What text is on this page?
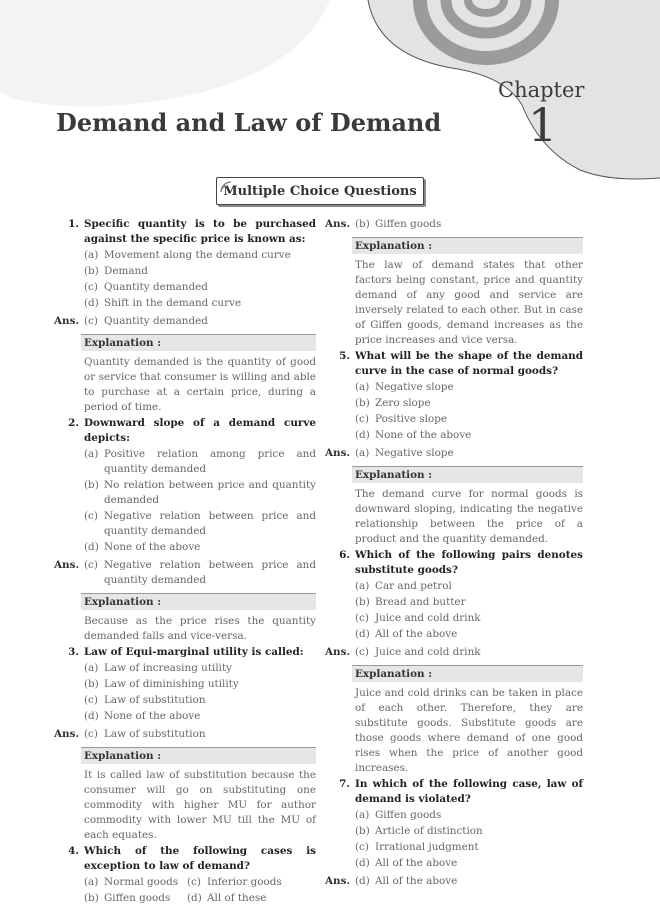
Chapter
1
Demand and Law of Demand
Multiple Choice Questions
1. Specific quantity is to be purchased against the specific price is known as:
(a) Movement along the demand curve
(b) Demand
(c) Quantity demanded
(d) Shift in the demand curve
Ans. (c) Quantity demanded
Explanation :
Quantity demanded is the quantity of good or service that consumer is willing and able to purchase at a certain price, during a period of time.
2. Downward slope of a demand curve depicts:
(a) Positive relation among price and quantity demanded
(b) No relation between price and quantity demanded
(c) Negative relation between price and quantity demanded
(d) None of the above
Ans. (c) Negative relation between price and quantity demanded
Explanation :
Because as the price rises the quantity demanded falls and vice-versa.
3. Law of Equi-marginal utility is called:
(a) Law of increasing utility
(b) Law of diminishing utility
(c) Law of substitution
(d) None of the above
Ans. (c) Law of substitution
Explanation :
It is called law of substitution because the consumer will go on substituting one commodity with higher MU for author commodity with lower MU till the MU of each equates.
4. Which of the following cases is exception to law of demand?
(a) Normal goods (c) Inferior goods
(b) Giffen goods (d) All of these
Ans. (b) Giffen goods
Explanation :
The law of demand states that other factors being constant, price and quantity demand of any good and service are inversely related to each other. But in case of Giffen goods, demand increases as the price increases and vice versa.
5. What will be the shape of the demand curve in the case of normal goods?
(a) Negative slope
(b) Zero slope
(c) Positive slope
(d) None of the above
Ans. (a) Negative slope
Explanation :
The demand curve for normal goods is downward sloping, indicating the negative relationship between the price of a product and the quantity demanded.
6. Which of the following pairs denotes substitute goods?
(a) Car and petrol
(b) Bread and butter
(c) Juice and cold drink
(d) All of the above
Ans. (c) Juice and cold drink
Explanation :
Juice and cold drinks can be taken in place of each other. Therefore, they are substitute goods. Substitute goods are those goods where demand of one good rises when the price of another good increases.
7. In which of the following case, law of demand is violated?
(a) Giffen goods
(b) Article of distinction
(c) Irrational judgment
(d) All of the above
Ans. (d) All of the above
